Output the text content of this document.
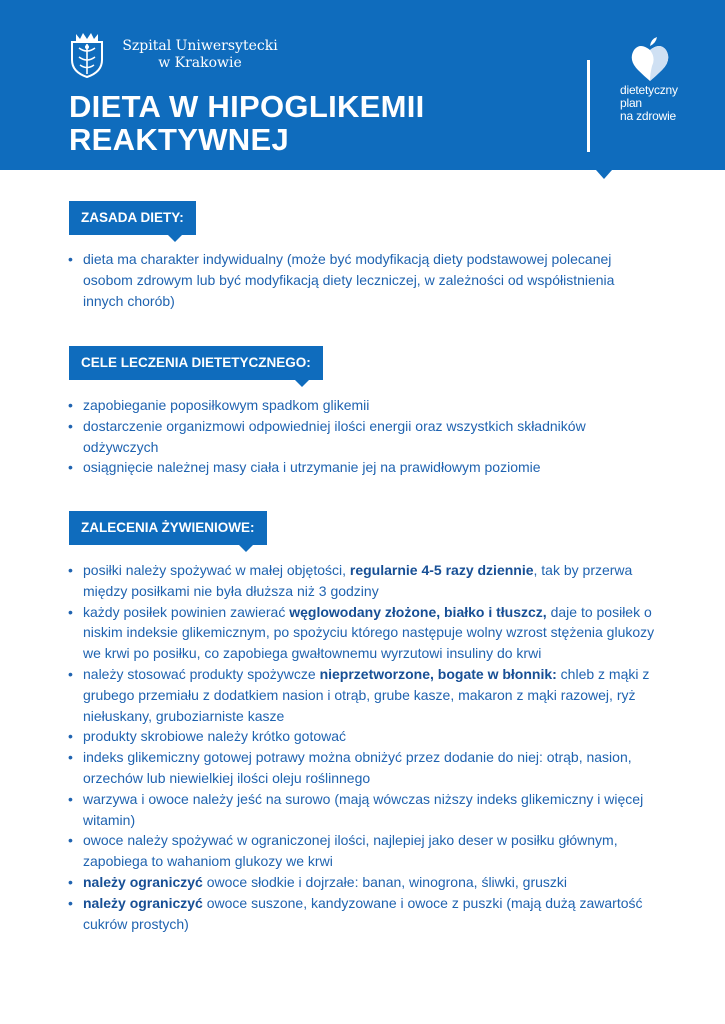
Szpital Uniwersytecki
w Krakowie
DIETA W HIPOGLIKEMII
REAKTYWNEJ
dietetyczny
plan
na zdrowie
ZASADA DIETY:
• dieta ma charakter indywidualny (może być modyfikacją diety podstawowej polecanej osobom zdrowym lub być modyfikacją diety leczniczej, w zależności od współistnienia innych chorób)
CELE LECZENIA DIETETYCZNEGO:
• zapobieganie poposiłkowym spadkom glikemii
• dostarczenie organizmowi odpowiedniej ilości energii oraz wszystkich składników odżywczych
• osiągnięcie należnej masy ciała i utrzymanie jej na prawidłowym poziomie
ZALECENIA ŻYWIENIOWE:
• posiłki należy spożywać w małej objętości, regularnie 4-5 razy dziennie, tak by przerwa między posiłkami nie była dłuższa niż 3 godziny
• każdy posiłek powinien zawierać węglowodany złożone, białko i tłuszcz, daje to posiłek o niskim indeksie glikemicznym, po spożyciu którego następuje wolny wzrost stężenia glukozy we krwi po posiłku, co zapobiega gwałtownemu wyrzutowi insuliny do krwi
• należy stosować produkty spożywcze nieprzetworzone, bogate w błonnik: chleb z mąki z grubego przemiału z dodatkiem nasion i otrąb, grube kasze, makaron z mąki razowej, ryż niełuskany, gruboziarniste kasze
• produkty skrobiowe należy krótko gotować
• indeks glikemiczny gotowej potrawy można obniżyć przez dodanie do niej: otrąb, nasion, orzechów lub niewielkiej ilości oleju roślinnego
• warzywa i owoce należy jeść na surowo (mają wówczas niższy indeks glikemiczny i więcej witamin)
• owoce należy spożywać w ograniczonej ilości, najlepiej jako deser w posiłku głównym, zapobiega to wahaniom glukozy we krwi
• należy ograniczyć owoce słodkie i dojrzałe: banan, winogrona, śliwki, gruszki
• należy ograniczyć owoce suszone, kandyzowane i owoce z puszki (mają dużą zawartość cukrów prostych)
